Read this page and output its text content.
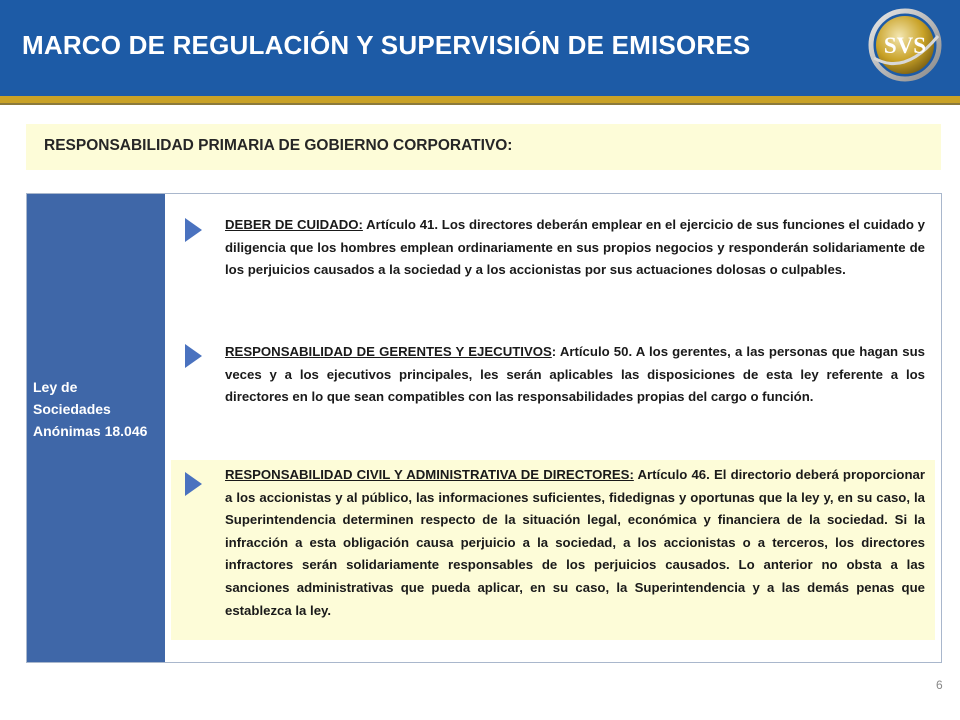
MARCO DE REGULACIÓN Y SUPERVISIÓN DE EMISORES	SVS
RESPONSABILIDAD PRIMARIA DE GOBIERNO CORPORATIVO:
Ley de Sociedades Anónimas 18.046
DEBER DE CUIDADO: Artículo 41. Los directores deberán emplear en el ejercicio de sus funciones el cuidado y diligencia que los hombres emplean ordinariamente en sus propios negocios y responderán solidariamente de los perjuicios causados a la sociedad y a los accionistas por sus actuaciones dolosas o culpables.
RESPONSABILIDAD DE GERENTES Y EJECUTIVOS: Artículo 50. A los gerentes, a las personas que hagan sus veces y a los ejecutivos principales, les serán aplicables las disposiciones de esta ley referente a los directores en lo que sean compatibles con las responsabilidades propias del cargo o función.
RESPONSABILIDAD CIVIL Y ADMINISTRATIVA DE DIRECTORES: Artículo 46. El directorio deberá proporcionar a los accionistas y al público, las informaciones suficientes, fidedignas y oportunas que la ley y, en su caso, la Superintendencia determinen respecto de la situación legal, económica y financiera de la sociedad. Si la infracción a esta obligación causa perjuicio a la sociedad, a los accionistas o a terceros, los directores infractores serán solidariamente responsables de los perjuicios causados. Lo anterior no obsta a las sanciones administrativas que pueda aplicar, en su caso, la Superintendencia y a las demás penas que establezca la ley.
6
